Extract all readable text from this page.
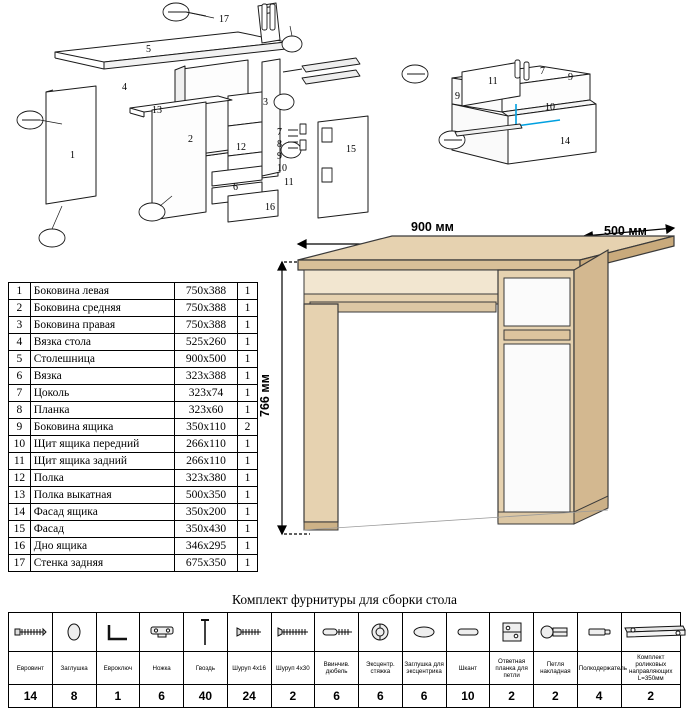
17
5
4
13
1
2
3
12
6
15
7
8
9
10
11
16
11	9
9
10
14
7
1	Боковина левая	750x388	1
2	Боковина средняя	750x388	1
3	Боковина правая	750x388	1
4	Вязка стола	525х260	1
5	Столешница	900х500	1
6	Вязка	323х388	1
7	Цоколь	323х74	1
8	Планка	323х60	1
9	Боковина ящика	350х110	2
10	Щит ящика передний	266х110	1
11	Щит ящика задний	266х110	1
12	Полка	323х380	1
13	Полка выкатная	500х350	1
14	Фасад ящика	350х200	1
15	Фасад	350х430	1
16	Дно ящика	346х295	1
17	Стенка задняя	675х350	1
900 мм	500 мм
766 мм
Комплект фурнитуры для сборки стола

Евровинт	Заглушка	Евроключ	Ножка	Гвоздь	Шуруп 4х16	Шуруп 4х30	Ввинчив. дюбель	Эксцентр. стяжка	Заглушка для эксцентрика	Шкант	Ответная планка для петли	Петля накладная	Полкодержатель	Комплект роликовых направляющих L=350мм
14	8	1	6	40	24	2	6	6	6	10	2	2	4	2
